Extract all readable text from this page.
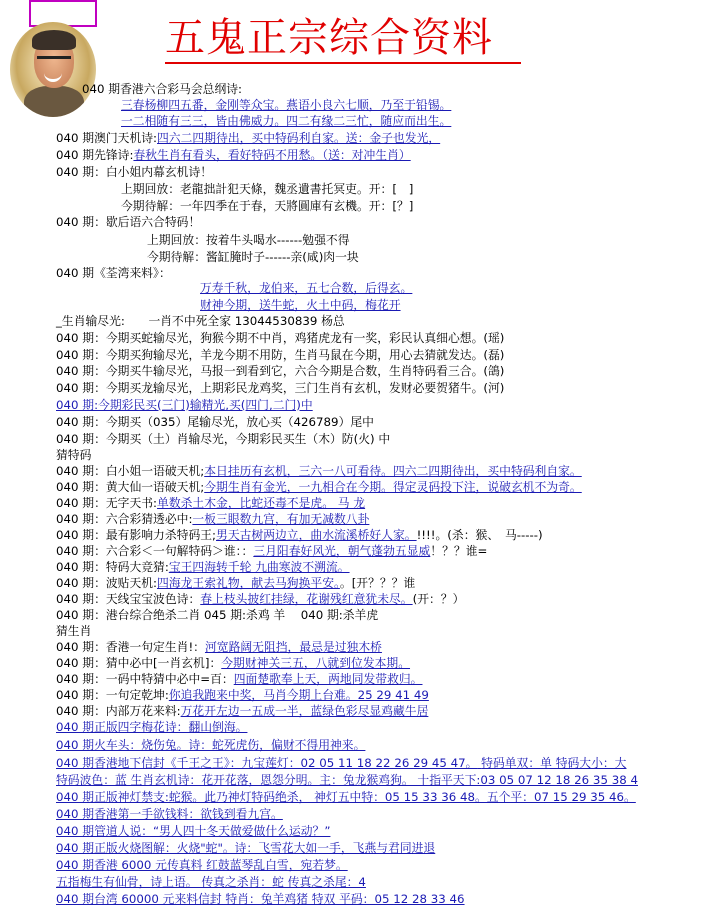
五鬼正宗综合资料
040 期香港六合彩马会总纲诗:
三春杨柳四五番，金刚等众宝。燕语小良六七顺，乃至于铅锡。
一二相随有三三，皆由佛威力。四二有缘二三忙，随应而出生。
040 期澳门天机诗:四六二四期待出，买中特码利自家。送：金子也发光，
040 期先锋诗:春秋生肖有看头，看好特码不用愁。（送：对冲生肖）
040 期：白小姐内幕玄机诗！
上期回放：老龍拙計犯天條，魏丞遺書托冥吏。开：[　]
今期待解：一年四季在于春，天將圓庫有玄機。开：[？]
040 期：歇后语六合特码！
上期回放：按着牛头喝水------勉强不得
今期待解：酱缸腌时子------亲(咸)肉一块
040 期《荃湾来料》：
万寿千秋，龙伯来，五七合数，后得玄。
财神今期，送牛蛇，火土中码，梅花开
_生肖输尽光:　　一肖不中死全家 13044530839 杨总
040 期：今期买蛇输尽光，狗猴今期不中肖，鸡猪虎龙有一奖，彩民认真细心想。(瑶)
040 期：今期买狗输尽光，羊龙今期不用防，生肖马鼠在今期，用心去猜就发达。(磊)
040 期：今期买牛输尽光，马报一到看到它，六合今期是合数，生肖特码看三合。(鴿)
040 期：今期买龙输尽光，上期彩民龙鸡奖，三门生肖有玄机，发财必要贺猪牛。(河)
040 期:今期彩民买(三门)输精光,买(四门,二门)中
040 期：今期买（035）尾输尽光，放心买（426789）尾中
040 期：今期买（土）肖输尽光，今期彩民买生（木）防(火) 中
猜特码
040 期：白小姐一语破天机;本日挂历有玄机，三六一八可看待。四六二四期待出，买中特码利自家。
040 期：黄大仙一语破天机;今期生肖有金光，一九相合在今期。得定灵码投下注，说破玄机不为奇。
040 期：无字天书:单数杀土木金，比蛇还毒不是虎。 马 龙
040 期：六合彩猜透必中:一板三眼数九宫，有加无减数八卦
040 期：最有影响力杀特码王;男天古树两边立，曲水流溪桥好人家。!!!!。(杀：猴、　马-----)
040 期：六合彩＜一句解特码＞谁：：三月阳春好风光，朝气蓬勃五显威！？？谁=
040 期：特码大竞猜:宝王四海转千轮 九曲寒波不溯流。
040 期：波贴天机:四海龙王索礼物，献去马狗换平安。。[开？？？谁
040 期：天线宝宝波色诗：春上枝头披红挂绿，花谢残红意犹未尽。(开：？）
040 期：港台综合绝杀二肖 045 期:杀鸡 羊　 040 期:杀羊虎
猜生肖
040 期：香港一句定生肖!：河宽路阔无阻挡，最忌是过独木桥
040 期：猜中必中[一肖玄机]：今期财神关三五，八就到位发本期。
040 期：一码中特猜中必中=百：四面楚歌奉上天，两地同发带救归。
040 期：一句定乾坤:你追我跑来中奖，马肖今期上台难。25 29 41 49
040 期：内部万花来料:万花开左边一五成一半，蓝绿色彩尽显鸡藏牛居
040 期正版四字梅花诗：翻山倒海。
040 期火车头：烧伤兔。诗：蛇死虎伤，偏财不得用神来。
040 期香港地下信封《千王之王》：九宝莲灯：02 05 11 18 22 26 29 45 47。 特码单双：单 特码大小：大
特码波色：蓝 生肖玄机诗：花开花落，恩怨分明。主：兔龙猴鸡狗。 十指平天下:03 05 07 12 18 26 35 38 4
040 期正版神灯禁支:蛇猴。此乃神灯特码绝杀， 神灯五中特：05 15 33 36 48。五个平：07 15 29 35 46。
040 期香港第一手欲钱料：欲钱到看九宫。
040 期管道人说：“男人四十冬天做爱做什么运动？”
040 期正版火烧图解：火烧"蛇"。诗：飞雪花大如一手，飞燕与君同进退
040 期香港 6000 元传真料 红鼓蓝琴乱白雪，宛若梦。
五指梅生有仙骨，诗上语。 传真之杀肖：蛇 传真之杀尾：4
040 期台湾 60000 元来料信封 特肖：兔羊鸡猪 特双 平码：05 12 28 33 46
